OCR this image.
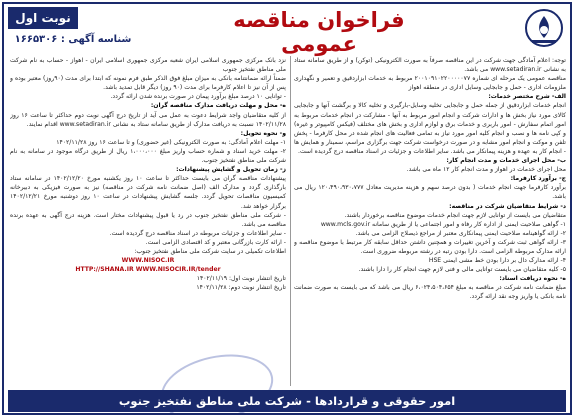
نوبت اول
شناسه آگهی : ۱۶۶۵۳۰۶
فراخوان مناقصه عمومی
توجه: اعلام آمادگی جهت شرکت در این مناقصه صرفاً به صورت الکترونیکی (توکن) و از طریق سامانه ستاد به نشانی www.setadiran.ir می باشد.
مناقصه عمومی یک مرحله ای شماره ۲۰۰۱۰۹۱۰۲۲۰۰۰۰۰۷۷ مربوط به خدمات ابزاردقیق و تعمیر و نگهداری ملزومات اداری - حمل و جابجایی وسایل اداری در منطقه اهواز
الف- شرح مختصر خدمات:
انجام خدمات ابزاردقیق از جمله حمل و جابجایی تخلیه وسایل-بارگیری و تخلیه کالا و برگشت آنها و جابجایی کالای مورد نیاز بخش ها و ادارات شرکت و انجام امور مربوط به آنها - مشارکت در انجام خدمات مربوط به امور اتمام سفارش - امور باربری و خدمات برق و لوازم اداری و بخش های مختلف (فیکس کامپیوتر و غیره) و کپی نامه ها و نصب و انجام کلیه امور مورد نیاز به تمامی فعالیت های انجام شده در محل کارفرما - پخش تلفن و موکت و انجام امور مشابه و در صورت درخواست شرکت جهت برگزاری مراسم، سمینار و همایش ها - انجام کار به عهده و هزینه پیمانکار می باشد. سایر اطلاعات و جزئیات در اسناد مناقصه درج گردیده است.
ب- محل اجرای خدمات و مدت انجام کار:
محل اجرای خدمات در اهواز و مدت انجام کار ۱۲ ماه می باشد.
ج- برآورد کارفرما:
برآورد کارفرما جهت انجام خدمات ( بدون درصد سهم و هزینه مدیریت معادل ۱۲۰،۴۹۰،۹۳۰،۷۷۷ ریال می باشد.
د- شرایط متقاضیان شرکت در مناقصه:
متقاضیان می بایست از توانایی لازم جهت انجام خدمات موضوع مناقصه برخوردار باشند.
۱- گواهی صلاحیت ایمنی از اداره کار رفاه و امور اجتماعی یا از طریق سامانه www.mcls.gov.ir
۲- ارائه گواهینامه صلاحیت ایمنی پیمانکاری معتبر از مراجع ذیصلاح الزامی می باشد.
۳- ارائه گواهی ثبت شرکت و آخرین تغییرات و همچنین داشتن حداقل سابقه کار مرتبط با موضوع مناقصه و ارائه مدارک مربوطه الزامی است. دارا بودن رتبه در رشته مربوطه ضروری است.
۴- ارائه مدارک دال بر دارا بودن خط مشی ایمنی HSE
۵- کلیه متقاضیان می بایست توانایی مالی و فنی لازم جهت انجام کار را دارا باشند.
ه- نحوه دریافت اسناد:
مبلغ ضمانت نامه شرکت در مناقصه به مبلغ ۶،۰۲۴،۵۰۴،۶۵۴ ریال می باشد که می بایست به صورت ضمانت نامه بانکی یا واریز وجه نقد ارائه گردد.
نزد بانک مرکزی جمهوری اسلامی ایران شعبه مرکزی جمهوری اسلامی ایران - اهواز - حساب به نام شرکت ملی مناطق نفتخیز جنوب
ضمناً ارائه ضمانتنامه بانکی به میزان مبلغ فوق الذکر طبق فرم نمونه که ابتدا برای مدت (۹۰روز) معتبر بوده و پس از آن نیز تا اعلام کارفرما برای مدت (۹۰ روز) دیگر قابل تمدید باشد.
- توانایی ۱۰ درصد مبلغ برآورد پیمان در صورت برنده شدن ارائه گردد.
ه- محل و مهلت دریافت مدارک مناقصه گران:
از کلیه متقاضیان واجد شرایط دعوت به عمل می آید از تاریخ درج آگهی نوبت دوم حداکثر تا ساعت ۱۶ روز ۱۴۰۲/۱۱/۲۸ نسبت به دریافت مدارک از طریق سامانه ستاد به نشانی www.setadiran.ir اقدام نمایند.
و- نحوه تحویل:
۱- مهلت اعلام آمادگی: به صورت الکترونیکی (غیر حضوری) و تا ساعت ۱۶ روز ۱۴۰۲/۱۱/۲۸
۲- مهلت خرید اسناد و شماره حساب واریز مبلغ ۱،۰۰۰،۰۰۰ ریال از طریق درگاه موجود در سامانه به نام شرکت ملی مناطق نفتخیز جنوب.
ز- زمان تحویل و گشایش پیشنهادات:
پیشنهادات مناقصه گران می بایست حداکثر تا ساعت ۱۰ روز یکشنبه مورخ ۱۴۰۲/۱۲/۲۰ در سامانه ستاد بارگذاری گردد و مدارک الف (اصل ضمانت نامه شرکت در مناقصه) نیز به صورت فیزیکی به دبیرخانه کمیسیون مناقصات تحویل گردد. جلسه گشایش پیشنهادات در ساعت ۱۰ روز دوشنبه مورخ ۱۴۰۲/۱۲/۲۱ برگزار خواهد شد.
- شرکت ملی مناطق نفتخیز جنوب در رد یا قبول پیشنهادات مختار است. هزینه درج آگهی به عهده برنده مناقصه می باشد.
- سایر اطلاعات و جزئیات مربوطه در اسناد مناقصه درج گردیده است.
- ارائه کارت بازرگانی معتبر و کد اقتصادی الزامی است.
اطلاعات تکمیلی در سایت شرکت ملی مناطق نفتخیز جنوب:
WWW.NISOC.IR
HTTP://SHANA.IR WWW.NISOCIR.IR/tender
تاریخ انتشار نوبت اول: ۱۴۰۲/۱۱/۱۹
تاریخ انتشار نوبت دوم: ۱۴۰۲/۱۱/۲۸
امور حقوقی و قراردادها - شرکت ملی مناطق نفتخیز جنوب
